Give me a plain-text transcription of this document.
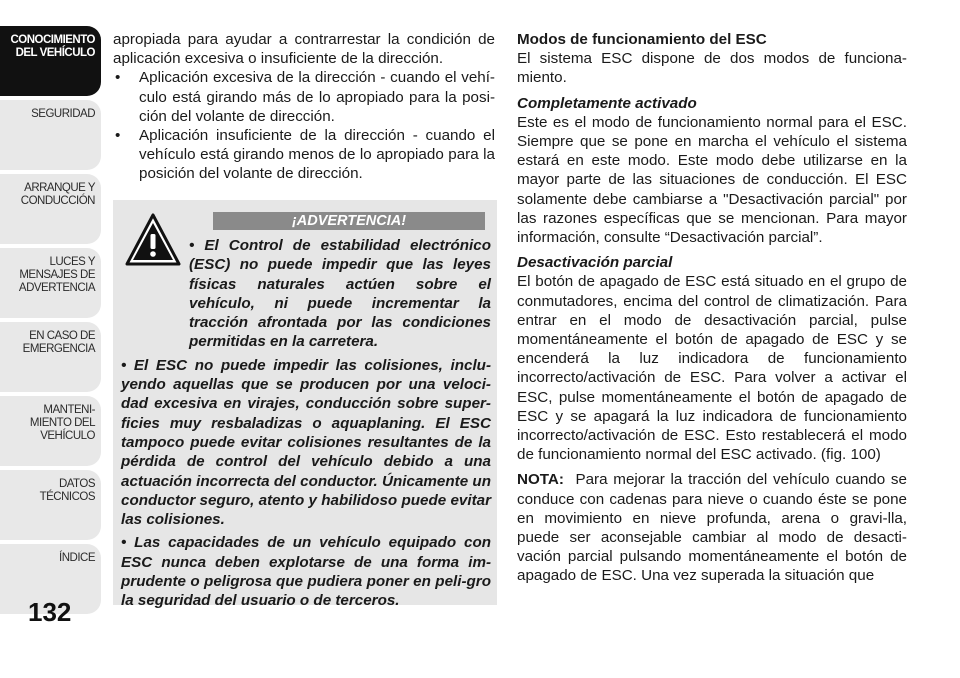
CONOCIMIENTO
DEL VEHÍCULO
SEGURIDAD
ARRANQUE Y
CONDUCCIÓN
LUCES Y
MENSAJES DE
ADVERTENCIA
EN CASO DE
EMERGENCIA
MANTENI-
MIENTO DEL
VEHÍCULO
DATOS
TÉCNICOS
ÍNDICE
132

apropiada para ayudar a contrarrestar la condición de aplicación excesiva o insuficiente de la dirección.

• Aplicación excesiva de la dirección - cuando el vehí-culo está girando más de lo apropiado para la posi-ción del volante de dirección.

• Aplicación insuficiente de la dirección - cuando el vehículo está girando menos de lo apropiado para la posición del volante de dirección.

¡ADVERTENCIA!

• El Control de estabilidad electrónico (ESC) no puede impedir que las leyes físicas naturales actúen sobre el vehículo, ni puede incrementar la tracción afrontada por las condiciones permitidas en la carretera.

• El ESC no puede impedir las colisiones, inclu-yendo aquellas que se producen por una veloci-dad excesiva en virajes, conducción sobre super-ficies muy resbaladizas o aquaplaning. El ESC tampoco puede evitar colisiones resultantes de la pérdida de control del vehículo debido a una actuación incorrecta del conductor. Únicamente un conductor seguro, atento y habilidoso puede evitar las colisiones.

• Las capacidades de un vehículo equipado con ESC nunca deben explotarse de una forma im-prudente o peligrosa que pudiera poner en peli-gro la seguridad del usuario o de terceros.

Modos de funcionamiento del ESC

El sistema ESC dispone de dos modos de funciona-miento.

Completamente activado

Este es el modo de funcionamiento normal para el ESC. Siempre que se pone en marcha el vehículo el sistema estará en este modo. Este modo debe utilizarse en la mayor parte de las situaciones de conducción. El ESC solamente debe cambiarse a "Desactivación parcial" por las razones específicas que se mencionan. Para mayor información, consulte “Desactivación parcial”.

Desactivación parcial

El botón de apagado de ESC está situado en el grupo de conmutadores, encima del control de climatización. Para entrar en el modo de desactivación parcial, pulse momentáneamente el botón de apagado de ESC y se encenderá la luz indicadora de funcionamiento incorrecto/activación de ESC. Para volver a activar el ESC, pulse momentáneamente el botón de apagado de ESC y se apagará la luz indicadora de funcionamiento incorrecto/activación de ESC. Esto restablecerá el modo de funcionamiento normal del ESC activado. (fig. 100)

NOTA: Para mejorar la tracción del vehículo cuando se conduce con cadenas para nieve o cuando éste se pone en movimiento en nieve profunda, arena o gravi-lla, puede ser aconsejable cambiar al modo de desacti-vación parcial pulsando momentáneamente el botón de apagado de ESC. Una vez superada la situación que
